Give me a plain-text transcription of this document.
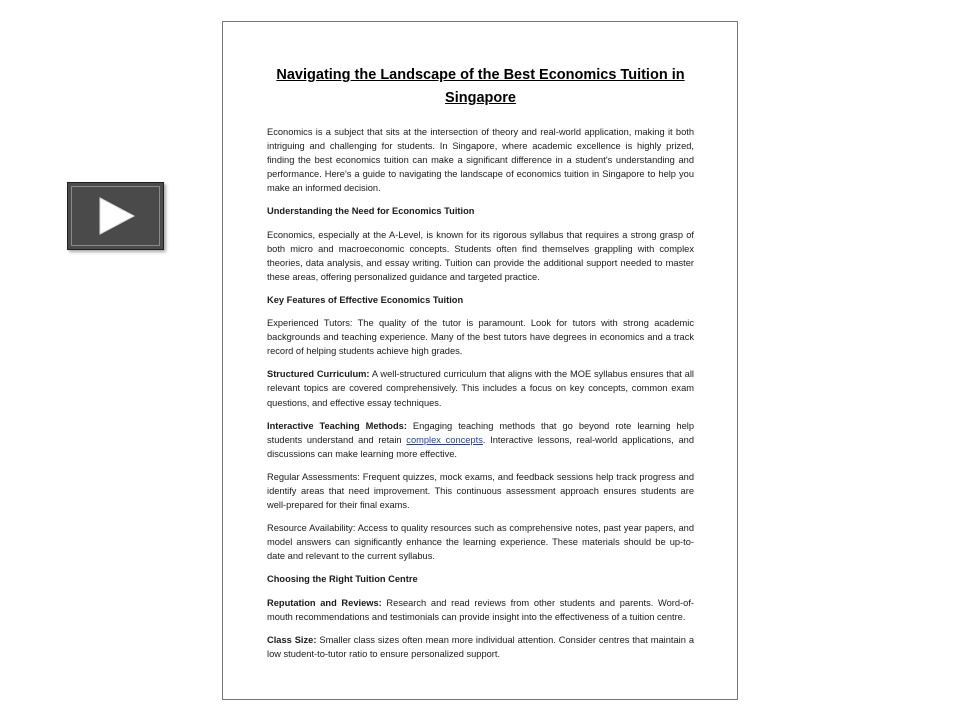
Navigating the Landscape of the Best Economics Tuition in Singapore

Economics is a subject that sits at the intersection of theory and real-world application, making it both intriguing and challenging for students. In Singapore, where academic excellence is highly prized, finding the best economics tuition can make a significant difference in a student's understanding and performance. Here's a guide to navigating the landscape of economics tuition in Singapore to help you make an informed decision.

Understanding the Need for Economics Tuition

Economics, especially at the A-Level, is known for its rigorous syllabus that requires a strong grasp of both micro and macroeconomic concepts. Students often find themselves grappling with complex theories, data analysis, and essay writing. Tuition can provide the additional support needed to master these areas, offering personalized guidance and targeted practice.

Key Features of Effective Economics Tuition

Experienced Tutors: The quality of the tutor is paramount. Look for tutors with strong academic backgrounds and teaching experience. Many of the best tutors have degrees in economics and a track record of helping students achieve high grades.

Structured Curriculum: A well-structured curriculum that aligns with the MOE syllabus ensures that all relevant topics are covered comprehensively. This includes a focus on key concepts, common exam questions, and effective essay techniques.

Interactive Teaching Methods: Engaging teaching methods that go beyond rote learning help students understand and retain complex concepts. Interactive lessons, real-world applications, and discussions can make learning more effective.

Regular Assessments: Frequent quizzes, mock exams, and feedback sessions help track progress and identify areas that need improvement. This continuous assessment approach ensures students are well-prepared for their final exams.

Resource Availability: Access to quality resources such as comprehensive notes, past year papers, and model answers can significantly enhance the learning experience. These materials should be up-to-date and relevant to the current syllabus.

Choosing the Right Tuition Centre

Reputation and Reviews: Research and read reviews from other students and parents. Word-of-mouth recommendations and testimonials can provide insight into the effectiveness of a tuition centre.

Class Size: Smaller class sizes often mean more individual attention. Consider centres that maintain a low student-to-tutor ratio to ensure personalized support.
